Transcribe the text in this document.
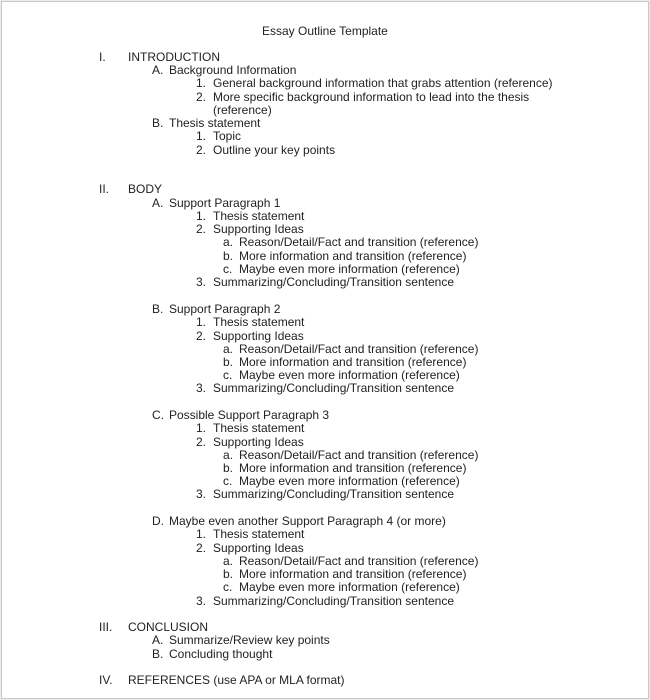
Essay Outline Template
I. INTRODUCTION
A. Background Information
1. General background information that grabs attention (reference)
2. More specific background information to lead into the thesis
(reference)
B. Thesis statement
1. Topic
2. Outline your key points
II. BODY
A. Support Paragraph 1
1. Thesis statement
2. Supporting Ideas
a. Reason/Detail/Fact and transition (reference)
b. More information and transition (reference)
c. Maybe even more information (reference)
3. Summarizing/Concluding/Transition sentence
B. Support Paragraph 2
1. Thesis statement
2. Supporting Ideas
a. Reason/Detail/Fact and transition (reference)
b. More information and transition (reference)
c. Maybe even more information (reference)
3. Summarizing/Concluding/Transition sentence
C. Possible Support Paragraph 3
1. Thesis statement
2. Supporting Ideas
a. Reason/Detail/Fact and transition (reference)
b. More information and transition (reference)
c. Maybe even more information (reference)
3. Summarizing/Concluding/Transition sentence
D. Maybe even another Support Paragraph 4 (or more)
1. Thesis statement
2. Supporting Ideas
a. Reason/Detail/Fact and transition (reference)
b. More information and transition (reference)
c. Maybe even more information (reference)
3. Summarizing/Concluding/Transition sentence
III. CONCLUSION
A. Summarize/Review key points
B. Concluding thought
IV. REFERENCES (use APA or MLA format)
